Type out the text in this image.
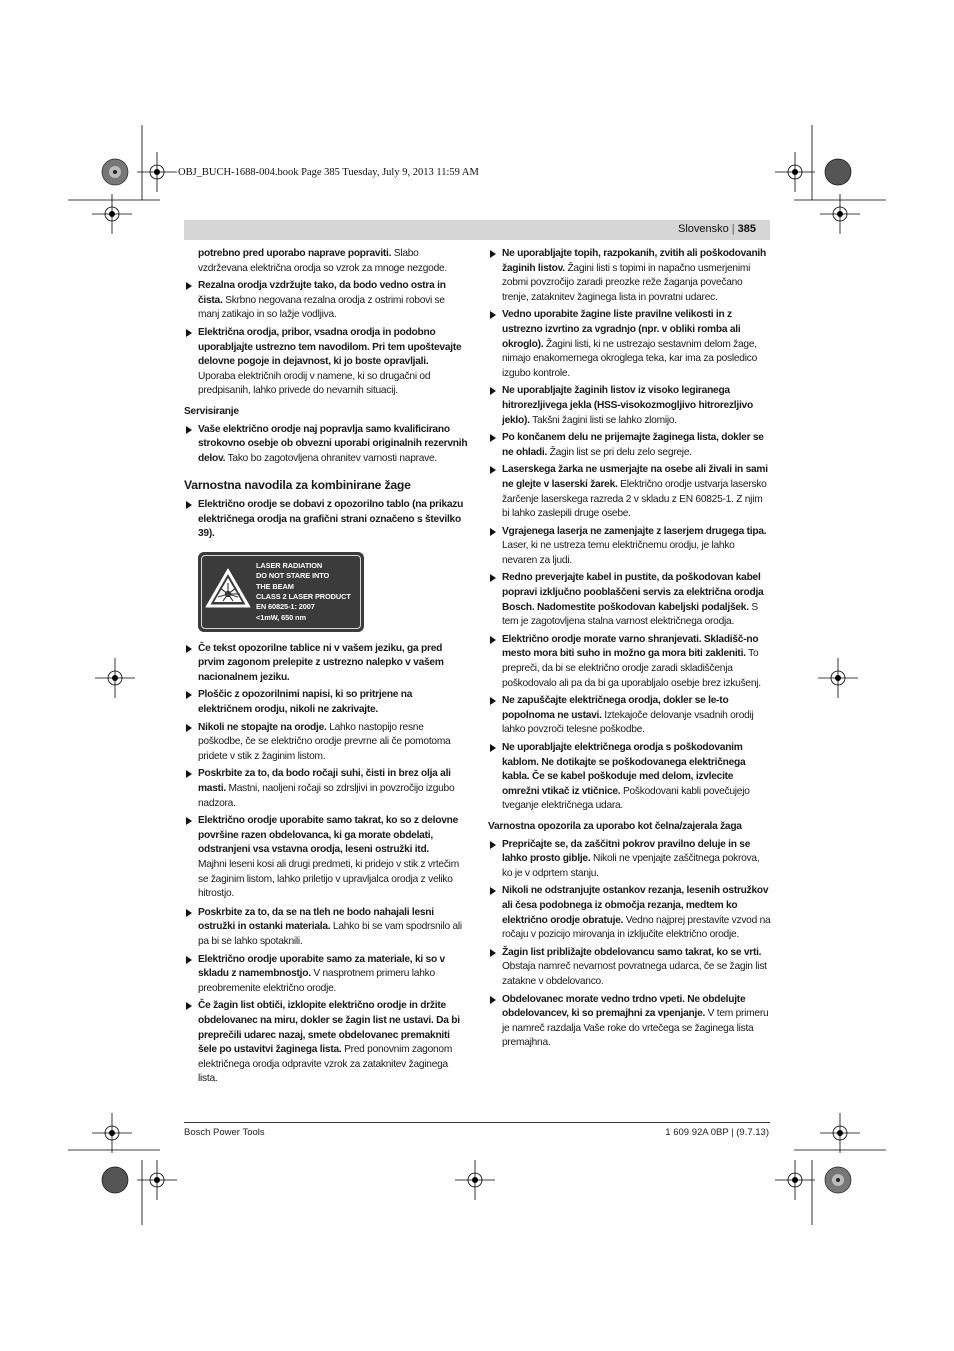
OBJ_BUCH-1688-004.book Page 385 Tuesday, July 9, 2013 11:59 AM
Slovensko | 385

potrebno pred uporabo naprave popraviti. Slabo vzdrževana električna orodja so vzrok za mnoge nezgode.

Rezalna orodja vzdržujte tako, da bodo vedno ostra in čista. Skrbno negovana rezalna orodja z ostrimi robovi se manj zatikajo in so lažje vodljiva.
Električna orodja, pribor, vsadna orodja in podobno uporabljajte ustrezno tem navodilom. Pri tem upoštevajte delovne pogoje in dejavnost, ki jo boste opravljali. Uporaba električnih orodij v namene, ki so drugačni od predpisanih, lahko privede do nevarnih situacij.
Servisiranje
Vaše električno orodje naj popravlja samo kvalificirano strokovno osebje ob obvezni uporabi originalnih rezervnih delov. Tako bo zagotovljena ohranitev varnosti naprave.
Varnostna navodila za kombinirane žage
Električno orodje se dobavi z opozorilno tablo (na prikazu električnega orodja na grafični strani označeno s številko 39).
LASER RADIATION
DO NOT STARE INTO
THE BEAM
CLASS 2 LASER PRODUCT
EN 60825-1: 2007
<1mW, 650 nm
Če tekst opozorilne tablice ni v vašem jeziku, ga pred prvim zagonom prelepite z ustrezno nalepko v vašem nacionalnem jeziku.
Ploščic z opozorilnimi napisi, ki so pritrjene na električnem orodju, nikoli ne zakrivajte.
Nikoli ne stopajte na orodje. Lahko nastopijo resne poškodbe, če se električno orodje prevrne ali če pomotoma pridete v stik z žaginim listom.
Poskrbite za to, da bodo ročaji suhi, čisti in brez olja ali masti. Mastni, naoljeni ročaji so zdrsljivi in povzročijo izgubo nadzora.
Električno orodje uporabite samo takrat, ko so z delovne površine razen obdelovanca, ki ga morate obdelati, odstranjeni vsa vstavna orodja, leseni ostružki itd.

Majhni leseni kosi ali drugi predmeti, ki pridejo v stik z vrtečim se žaginim listom, lahko priletijo v upravljalca orodja z veliko hitrostjo.

Poskrbite za to, da se na tleh ne bodo nahajali lesni ostružki in ostanki materiala. Lahko bi se vam spodrsnilo ali pa bi se lahko spotaknili.
Električno orodje uporabite samo za materiale, ki so v skladu z namembnostjo. V nasprotnem primeru lahko preobremenite električno orodje.
Če žagin list obtiči, izklopite električno orodje in držite obdelovanec na miru, dokler se žagin list ne ustavi. Da bi preprečili udarec nazaj, smete obdelovanec premakniti šele po ustavitvi žaginega lista. Pred ponovnim zagonom električnega orodja odpravite vzrok za zataknitev žaginega lista.
Ne uporabljajte topih, razpokanih, zvitih ali poškodovanih žaginih listov. Žagini listi s topimi in napačno usmerjenimi zobmi povzročijo zaradi preozke reže žaganja povečano trenje, zataknitev žaginega lista in povratni udarec.
Vedno uporabite žagine liste pravilne velikosti in z ustrezno izvrtino za vgradnjo (npr. v obliki romba ali okroglo). Žagini listi, ki ne ustrezajo sestavnim delom žage, nimajo enakomernega okroglega teka, kar ima za posledico izgubo kontrole.
Ne uporabljajte žaginih listov iz visoko legiranega hitrorezljivega jekla (HSS-visokozmogljivo hitrorezljivo jeklo). Takšni žagini listi se lahko zlomijo.
Po končanem delu ne prijemajte žaginega lista, dokler se ne ohladi. Žagin list se pri delu zelo segreje.
Laserskega žarka ne usmerjajte na osebe ali živali in sami ne glejte v laserski žarek. Električno orodje ustvarja lasersko žarčenje laserskega razreda 2 v skladu z EN 60825-1. Z njim bi lahko zaslepili druge osebe.
Vgrajenega laserja ne zamenjajte z laserjem drugega tipa. Laser, ki ne ustreza temu električnemu orodju, je lahko nevaren za ljudi.
Redno preverjajte kabel in pustite, da poškodovan kabel popravi izključno pooblaščeni servis za električna orodja Bosch. Nadomestite poškodovan kabeljski podaljšek. S tem je zagotovljena stalna varnost električnega orodja.
Električno orodje morate varno shranjevati. Skladišč-no mesto mora biti suho in možno ga mora biti zakleniti. To prepreči, da bi se električno orodje zaradi skladiščenja poškodovalo ali pa da bi ga uporabljalo osebje brez izkušenj.
Ne zapuščajte električnega orodja, dokler se le-to popolnoma ne ustavi. Iztekajoče delovanje vsadnih orodij lahko povzroči telesne poškodbe.
Ne uporabljajte električnega orodja s poškodovanim kablom. Ne dotikajte se poškodovanega električnega kabla. Če se kabel poškoduje med delom, izvlecite omrežni vtikač iz vtičnice. Poškodovani kabli povečujejo tveganje električnega udara.
Varnostna opozorila za uporabo kot čelna/zajerala žaga
Prepričajte se, da zaščitni pokrov pravilno deluje in se lahko prosto giblje. Nikoli ne vpenjajte zaščitnega pokrova, ko je v odprtem stanju.
Nikoli ne odstranjujte ostankov rezanja, lesenih ostružkov ali česa podobnega iz območja rezanja, medtem ko električno orodje obratuje. Vedno najprej prestavite vzvod na ročaju v pozicijo mirovanja in izključite električno orodje.
Žagin list približajte obdelovancu samo takrat, ko se vrti. Obstaja namreč nevarnost povratnega udarca, če se žagin list zatakne v obdelovanco.
Obdelovanec morate vedno trdno vpeti. Ne obdelujte obdelovancev, ki so premajhni za vpenjanje. V tem primeru je namreč razdalja Vaše roke do vrtečega se žaginega lista premajhna.
Bosch Power Tools	1 609 92A 0BP | (9.7.13)
